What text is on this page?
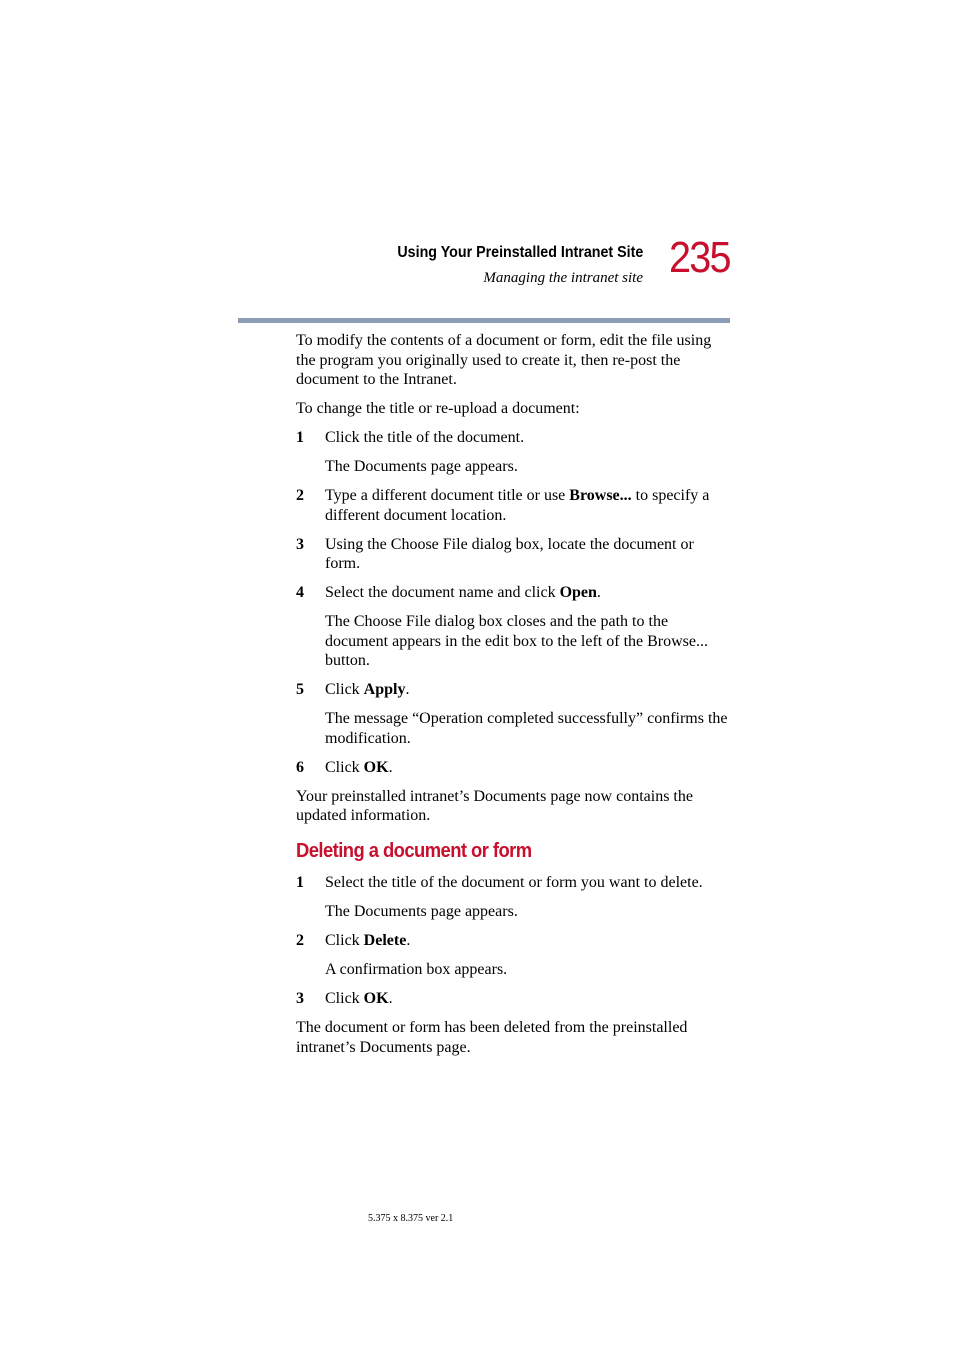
Using Your Preinstalled Intranet Site
Managing the intranet site 235

To modify the contents of a document or form, edit the file using the program you originally used to create it, then re-post the document to the Intranet.

To change the title or re-upload a document:

1 Click the title of the document.

The Documents page appears.

2 Type a different document title or use Browse... to specify a different document location.
3 Using the Choose File dialog box, locate the document or form.
4 Select the document name and click Open.

The Choose File dialog box closes and the path to the document appears in the edit box to the left of the Browse... button.

5 Click Apply.

The message “Operation completed successfully” confirms the modification.

6 Click OK.

Your preinstalled intranet’s Documents page now contains the updated information.

Deleting a document or form
1 Select the title of the document or form you want to delete.

The Documents page appears.

2 Click Delete.

A confirmation box appears.

3 Click OK.

The document or form has been deleted from the preinstalled intranet’s Documents page.

5.375 x 8.375 ver 2.1
